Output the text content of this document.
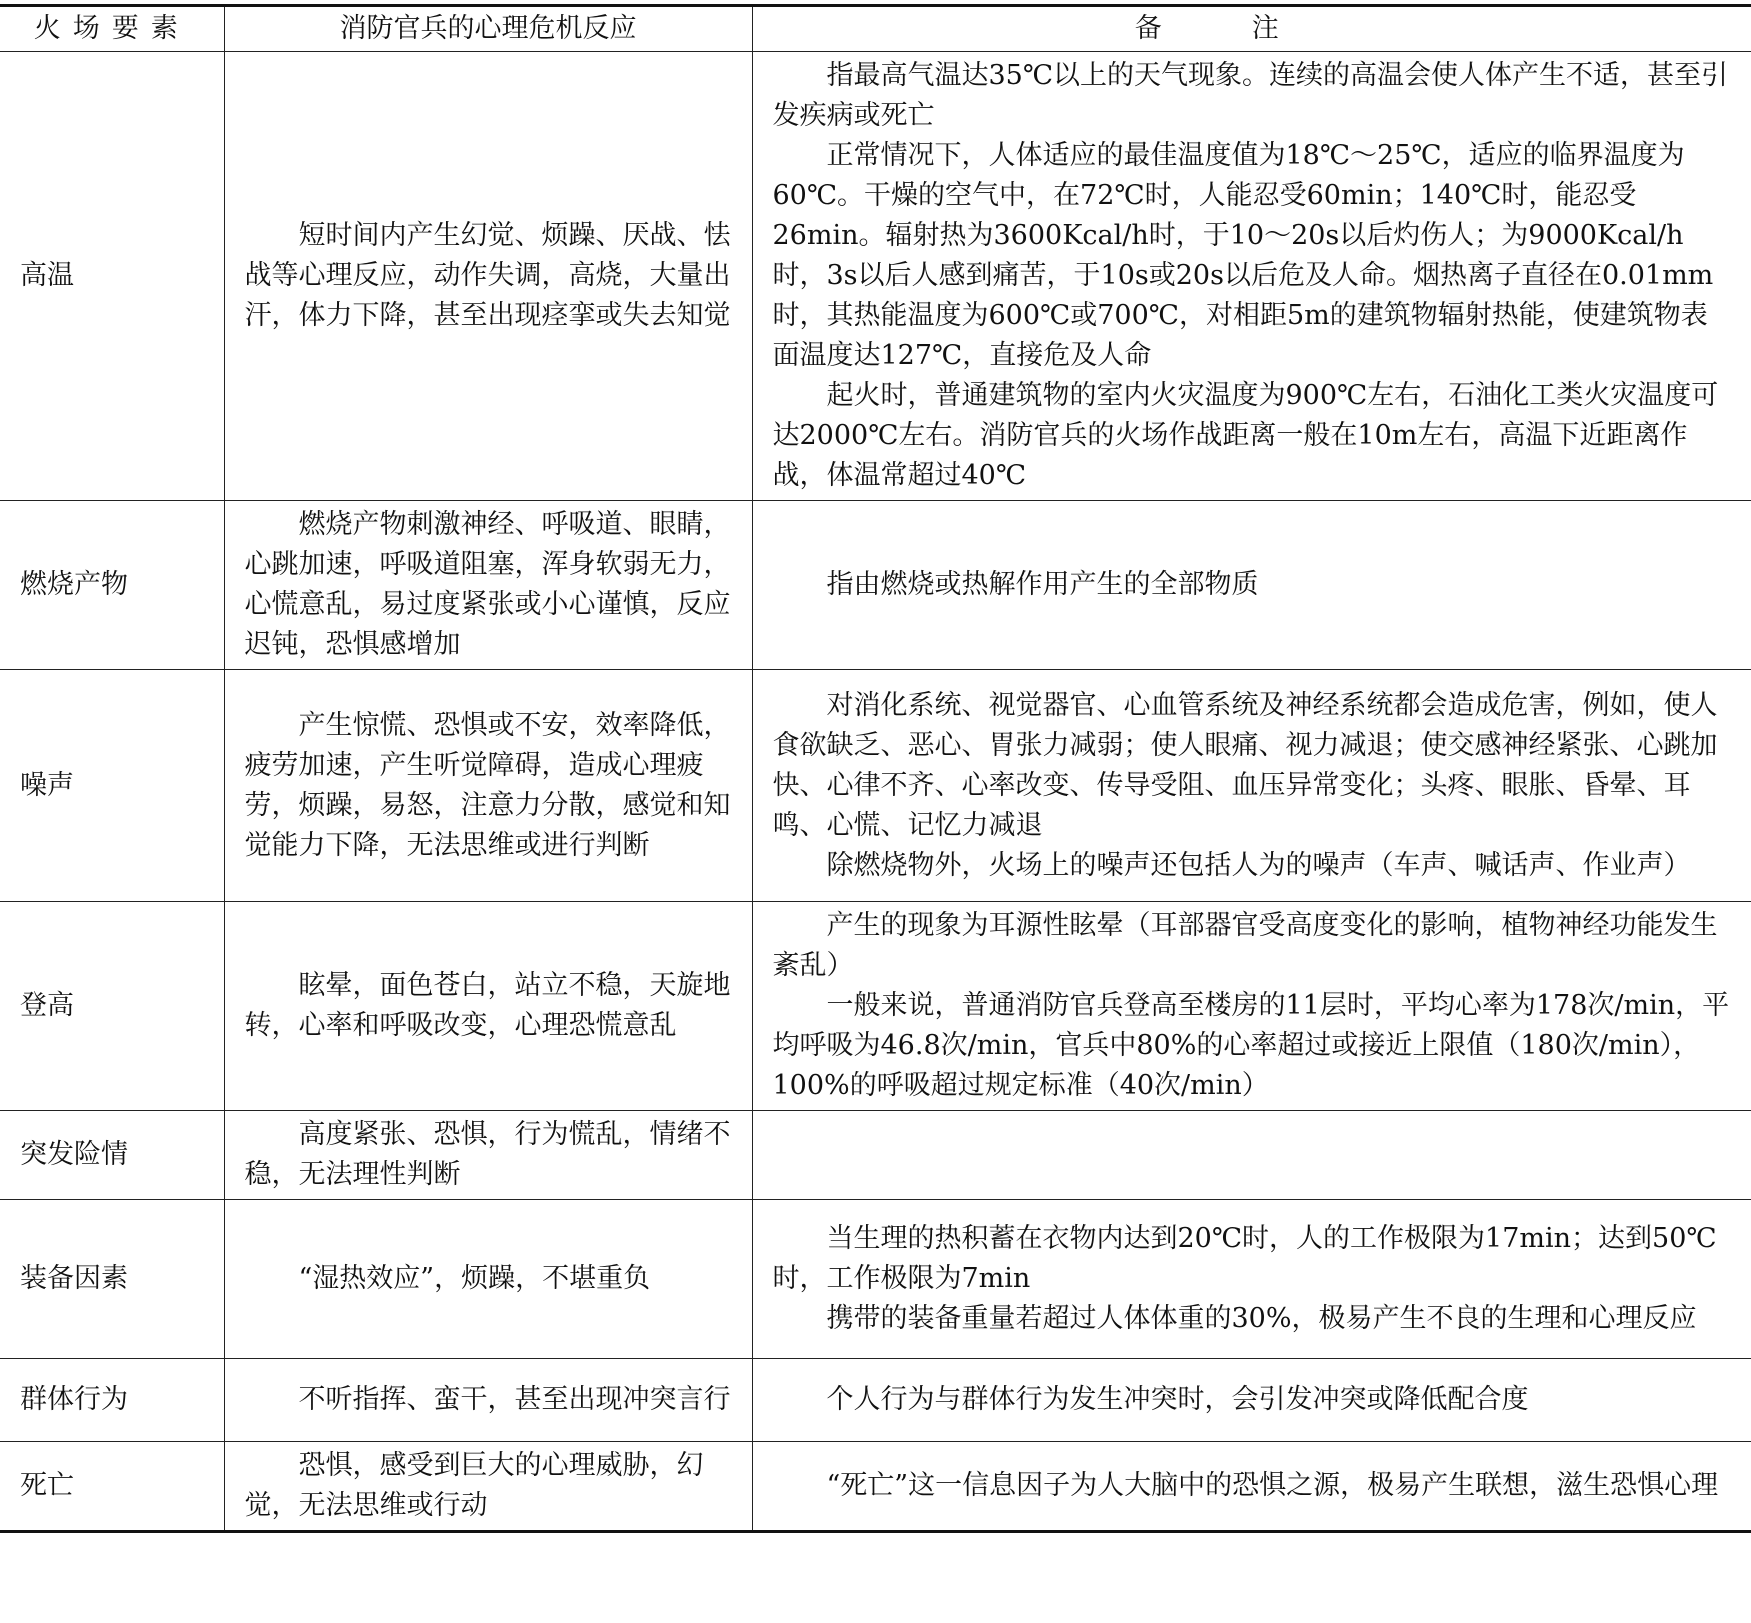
火场要素	消防官兵的心理危机反应	备注
高温	短时间内产生幻觉、烦躁、厌战、怯战等心理反应，动作失调，高烧，大量出汗，体力下降，甚至出现痉挛或失去知觉	指最高气温达35℃以上的天气现象。连续的高温会使人体产生不适，甚至引发疾病或死亡

正常情况下，人体适应的最佳温度值为18℃～25℃，适应的临界温度为60℃。干燥的空气中，在72℃时，人能忍受60min；140℃时，能忍受26min。辐射热为3600Kcal/h时，于10～20s以后灼伤人；为9000Kcal/h时，3s以后人感到痛苦，于10s或20s以后危及人命。烟热离子直径在0.01mm时，其热能温度为600℃或700℃，对相距5m的建筑物辐射热能，使建筑物表面温度达127℃，直接危及人命

起火时，普通建筑物的室内火灾温度为900℃左右，石油化工类火灾温度可达2000℃左右。消防官兵的火场作战距离一般在10m左右，高温下近距离作战，体温常超过40℃

燃烧产物	燃烧产物刺激神经、呼吸道、眼睛，心跳加速，呼吸道阻塞，浑身软弱无力，心慌意乱，易过度紧张或小心谨慎，反应迟钝，恐惧感增加	指由燃烧或热解作用产生的全部物质

噪声	产生惊慌、恐惧或不安，效率降低，疲劳加速，产生听觉障碍，造成心理疲劳，烦躁，易怒，注意力分散，感觉和知觉能力下降，无法思维或进行判断	对消化系统、视觉器官、心血管系统及神经系统都会造成危害，例如，使人食欲缺乏、恶心、胃张力减弱；使人眼痛、视力减退；使交感神经紧张、心跳加快、心律不齐、心率改变、传导受阻、血压异常变化；头疼、眼胀、昏晕、耳鸣、心慌、记忆力减退

除燃烧物外，火场上的噪声还包括人为的噪声（车声、喊话声、作业声）

登高	眩晕，面色苍白，站立不稳，天旋地转，心率和呼吸改变，心理恐慌意乱	产生的现象为耳源性眩晕（耳部器官受高度变化的影响，植物神经功能发生紊乱）

一般来说，普通消防官兵登高至楼房的11层时，平均心率为178次/min，平均呼吸为46.8次/min，官兵中80%的心率超过或接近上限值（180次/min），100%的呼吸超过规定标准（40次/min）

突发险情	高度紧张、恐惧，行为慌乱，情绪不稳，无法理性判断	

装备因素	“湿热效应”，烦躁，不堪重负	当生理的热积蓄在衣物内达到20℃时，人的工作极限为17min；达到50℃时，工作极限为7min

携带的装备重量若超过人体体重的30%，极易产生不良的生理和心理反应

群体行为	不听指挥、蛮干，甚至出现冲突言行	个人行为与群体行为发生冲突时，会引发冲突或降低配合度

死亡	恐惧，感受到巨大的心理威胁，幻觉，无法思维或行动	“死亡”这一信息因子为人大脑中的恐惧之源，极易产生联想，滋生恐惧心理
